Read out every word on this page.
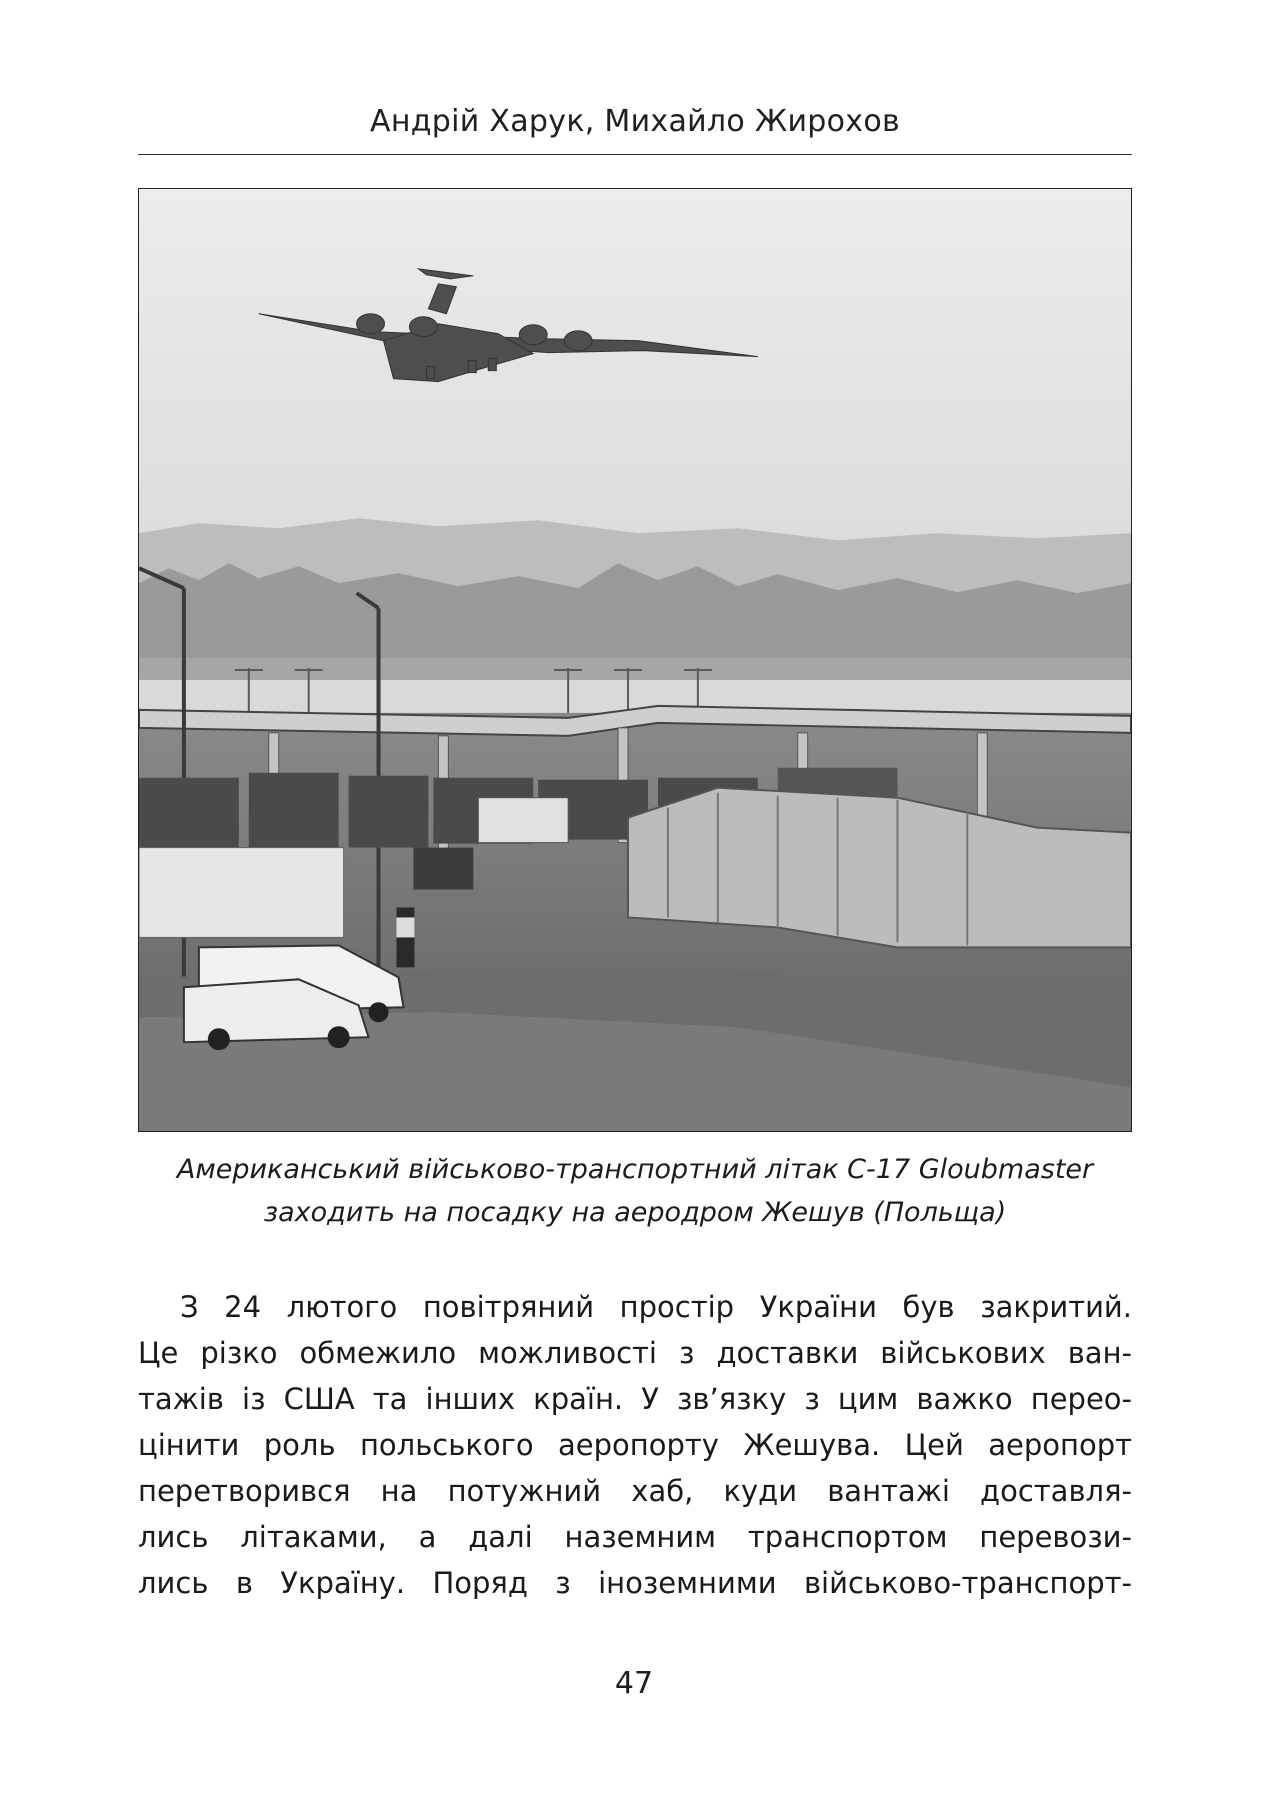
Андрій Харук, Михайло Жирохов
Американський військово-транспортний літак C-17 Gloubmaster
заходить на посадку на аеродром Жешув (Польща)
З 24 лютого повітряний простір України був закритий.
Це різко обмежило можливості з доставки військових ван-
тажів із США та інших країн. У зв’язку з цим важко перео-
цінити роль польського аеропорту Жешува. Цей аеропорт
перетворився на потужний хаб, куди вантажі доставля-
лись літаками, а далі наземним транспортом перевози-
лись в Україну. Поряд з іноземними військово-транспорт-
47
